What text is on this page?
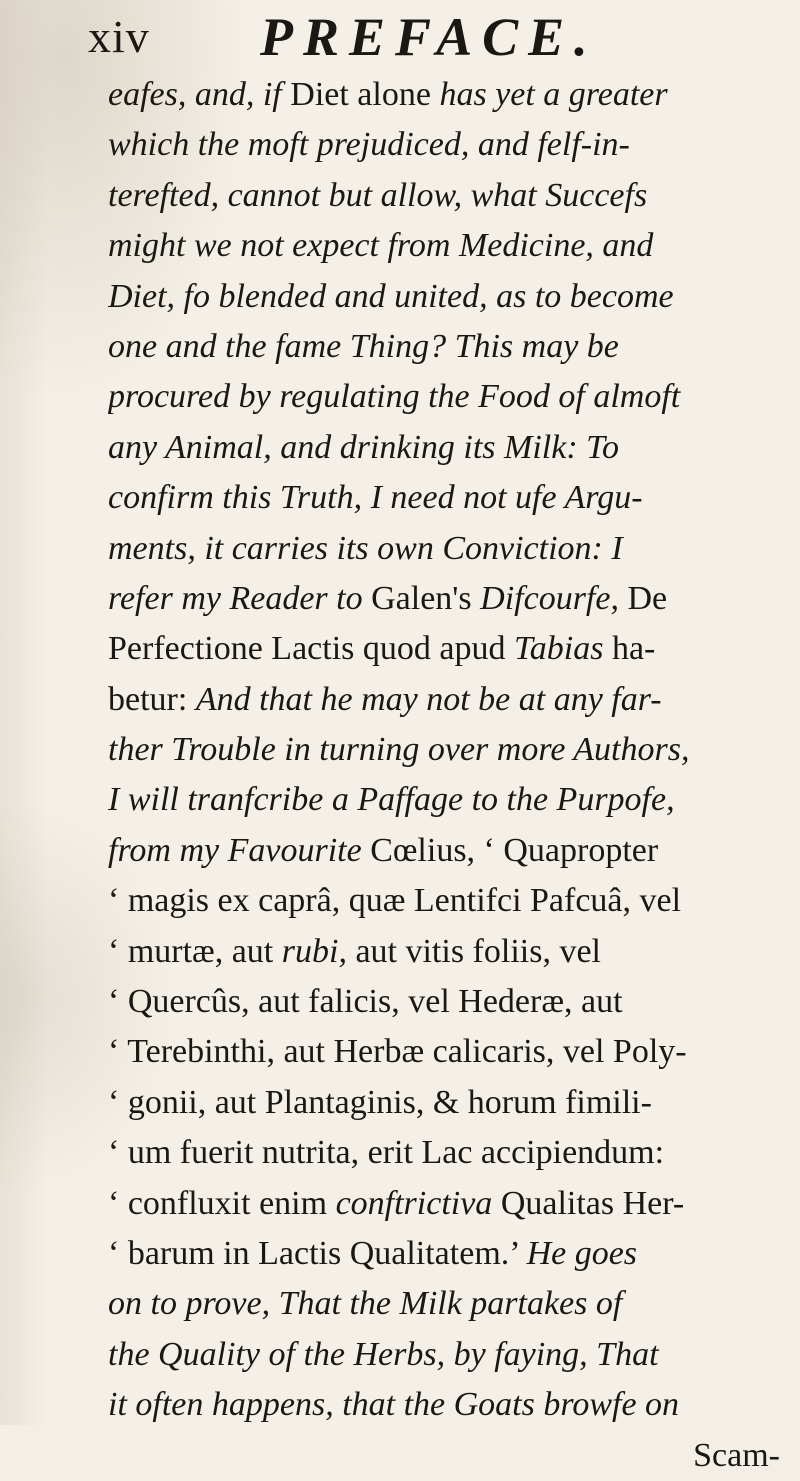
xiv PREFACE.
eafes, and, if Diet alone has yet a greater
which the moft prejudiced, and felf-in-
terefted, cannot but allow, what Succefs
might we not expect from Medicine, and
Diet, fo blended and united, as to become
one and the fame Thing? This may be
procured by regulating the Food of almoft
any Animal, and drinking its Milk: To
confirm this Truth, I need not ufe Argu-
ments, it carries its own Conviction: I
refer my Reader to Galen's Difcourfe, De
Perfectione Lactis quod apud Tabias ha-
betur: And that he may not be at any far-
ther Trouble in turning over more Authors,
I will tranfcribe a Paffage to the Purpofe,
from my Favourite Cœlius, ‘ Quapropter
‘ magis ex caprâ, quæ Lentifci Pafcuâ, vel
‘ murtæ, aut rubi, aut vitis foliis, vel
‘ Quercûs, aut falicis, vel Hederæ, aut
‘ Terebinthi, aut Herbæ calicaris, vel Poly-
‘ gonii, aut Plantaginis, & horum fimili-
‘ um fuerit nutrita, erit Lac accipiendum:
‘ confluxit enim conftrictiva Qualitas Her-
‘ barum in Lactis Qualitatem.’ He goes
on to prove, That the Milk partakes of
the Quality of the Herbs, by faying, That
it often happens, that the Goats browfe on
Scam-
